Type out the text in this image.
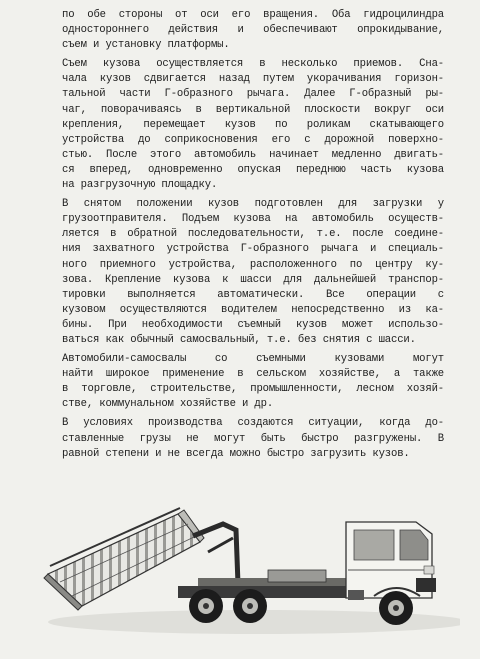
по обе стороны от оси его вращения. Оба гидроцилиндра
одностороннего действия и обеспечивают опрокидывание,
съем и установку платформы.
Съем кузова осуществляется в несколько приемов. Сна-
чала кузов сдвигается назад путем укорачивания горизон-
тальной части Г-образного рычага. Далее Г-образный ры-
чаг, поворачиваясь в вертикальной плоскости вокруг оси
крепления, перемещает кузов по роликам скатывающего
устройства до соприкосновения его с дорожной поверхно-
стью. После этого автомобиль начинает медленно двигать-
ся вперед, одновременно опуская переднюю часть кузова
на разгрузочную площадку.
В снятом положении кузов подготовлен для загрузки у
грузоотправителя. Подъем кузова на автомобиль осуществ-
ляется в обратной последовательности, т.е. после соедине-
ния захватного устройства Г-образного рычага и специаль-
ного приемного устройства, расположенного по центру ку-
зова. Крепление кузова к шасси для дальнейшей транспор-
тировки выполняется автоматически. Все операции с
кузовом осуществляются водителем непосредственно из ка-
бины. При необходимости съемный кузов может использо-
ваться как обычный самосвальный, т.е. без снятия с шасси.
Автомобили-самосвалы со съемными кузовами могут
найти широкое применение в сельском хозяйстве, а также
в торговле, строительстве, промышленности, лесном хозяй-
стве, коммунальном хозяйстве и др.
В условиях производства создаются ситуации, когда до-
ставленные грузы не могут быть быстро разгружены. В
равной степени и не всегда можно быстро загрузить кузов.
